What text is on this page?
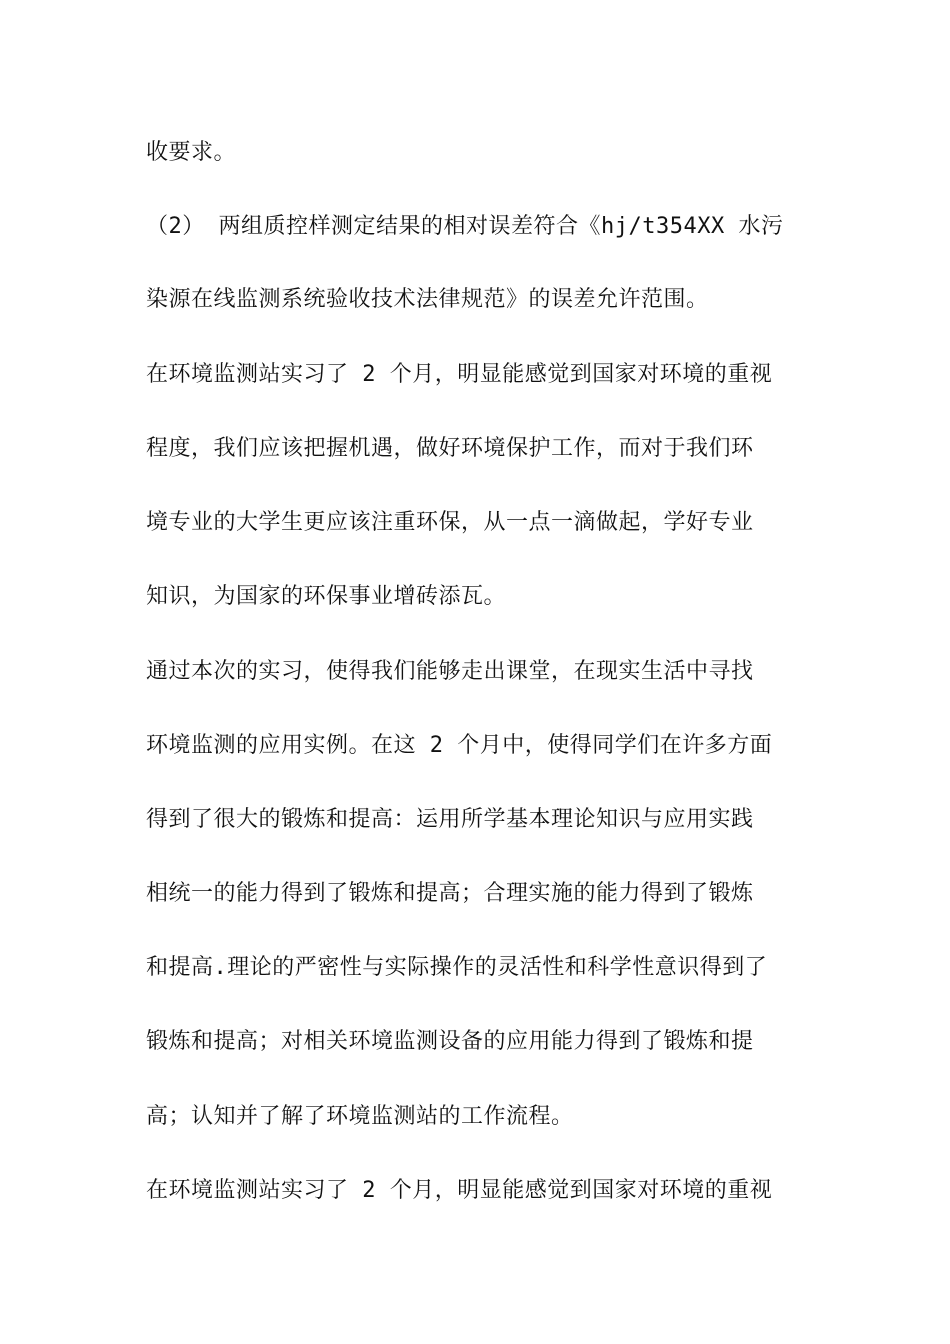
收要求。
（2） 两组质控样测定结果的相对误差符合《hj/t354XX 水污
染源在线监测系统验收技术法律规范》的误差允许范围。
在环境监测站实习了 2 个月，明显能感觉到国家对环境的重视
程度，我们应该把握机遇，做好环境保护工作，而对于我们环
境专业的大学生更应该注重环保，从一点一滴做起，学好专业
知识，为国家的环保事业增砖添瓦。
通过本次的实习，使得我们能够走出课堂，在现实生活中寻找
环境监测的应用实例。在这 2 个月中，使得同学们在许多方面
得到了很大的锻炼和提高：运用所学基本理论知识与应用实践
相统一的能力得到了锻炼和提高；合理实施的能力得到了锻炼
和提高.理论的严密性与实际操作的灵活性和科学性意识得到了
锻炼和提高；对相关环境监测设备的应用能力得到了锻炼和提
高；认知并了解了环境监测站的工作流程。
在环境监测站实习了 2 个月，明显能感觉到国家对环境的重视
